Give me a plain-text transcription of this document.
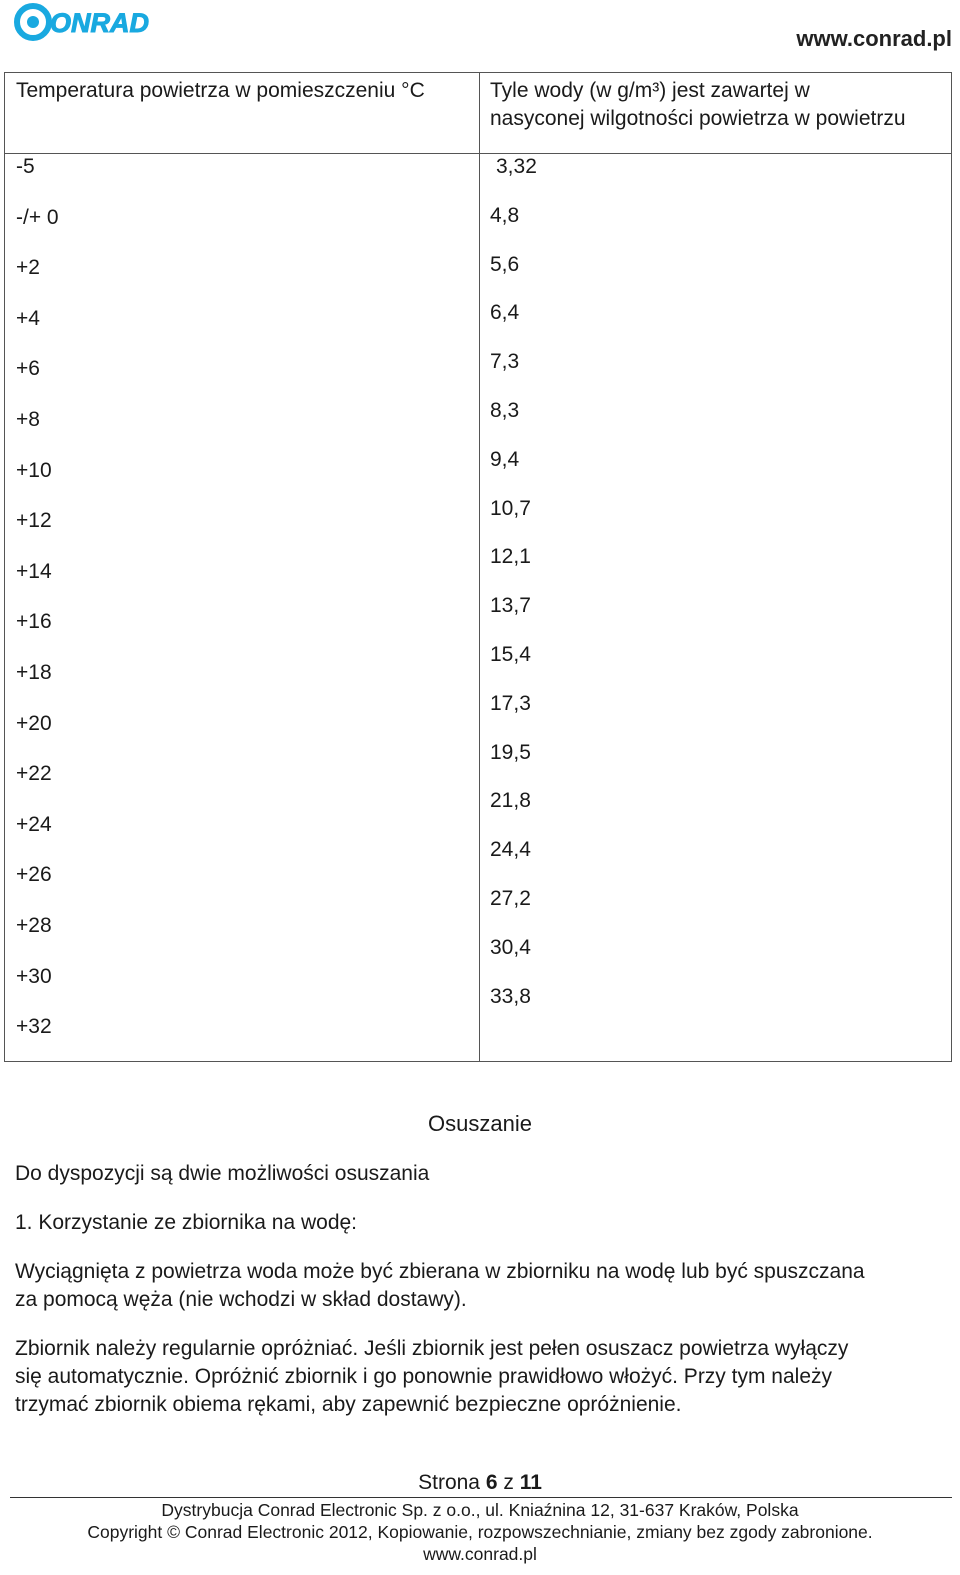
ONRAD
www.conrad.pl
Temperatura powietrza w pomieszczeniu °C	Tyle wody (w g/m³) jest zawartej w
nasyconej wilgotności powietrza w powietrzu
-5
-/+ 0
+2
+4
+6
+8
+10
+12
+14
+16
+18
+20
+22
+24
+26
+28
+30
+32
3,32
4,8
5,6
6,4
7,3
8,3
9,4
10,7
12,1
13,7
15,4
17,3
19,5
21,8
24,4
27,2
30,4
33,8
Osuszanie
Do dyspozycji są dwie możliwości osuszania
1. Korzystanie ze zbiornika na wodę:
Wyciągnięta z powietrza woda może być zbierana w zbiorniku na wodę lub być spuszczana
za pomocą węża (nie wchodzi w skład dostawy).
Zbiornik należy regularnie opróżniać. Jeśli zbiornik jest pełen osuszacz powietrza wyłączy
się automatycznie. Opróżnić zbiornik i go ponownie prawidłowo włożyć. Przy tym należy
trzymać zbiornik obiema rękami, aby zapewnić bezpieczne opróżnienie.
Strona 6 z 11
Dystrybucja Conrad Electronic Sp. z o.o., ul. Kniaźnina 12, 31-637 Kraków, Polska
Copyright © Conrad Electronic 2012, Kopiowanie, rozpowszechnianie, zmiany bez zgody zabronione.
www.conrad.pl
